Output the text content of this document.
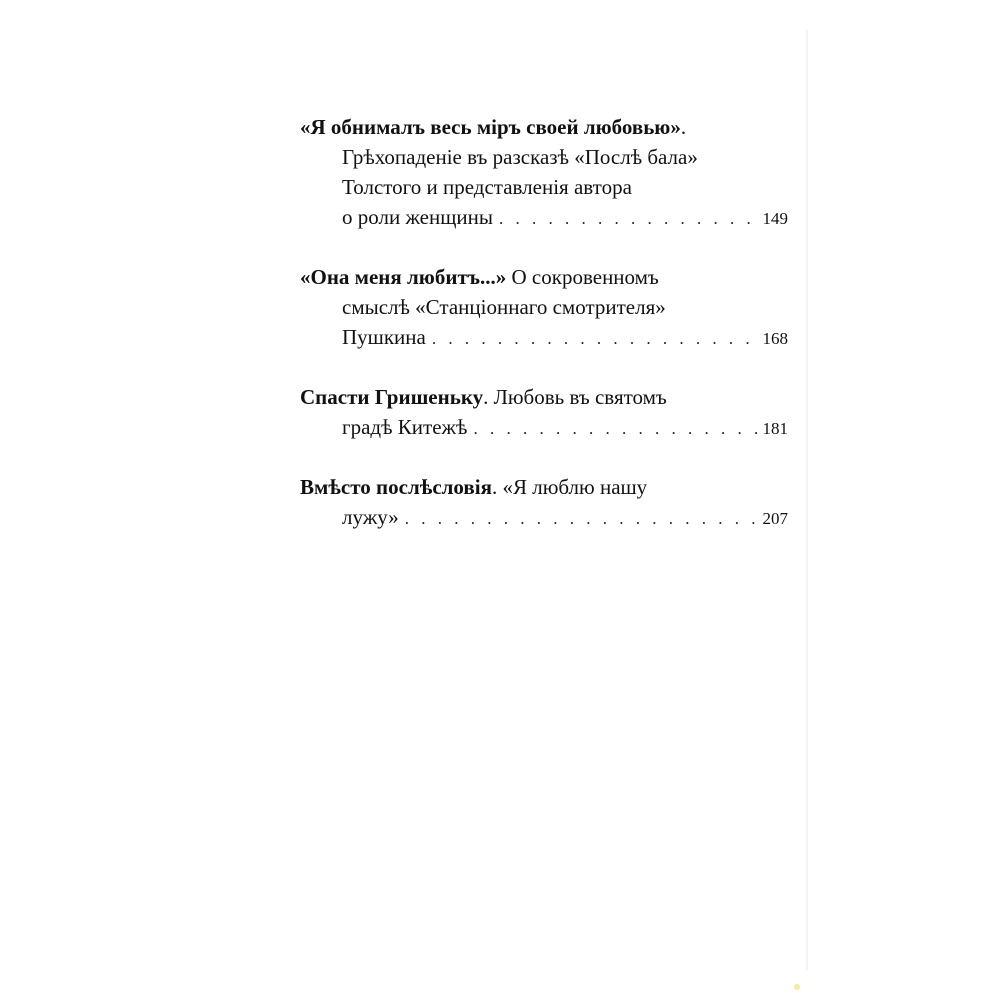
«Я обнималъ весь міръ своей любовью».
Грѣхопаденіе въ разсказѣ «Послѣ бала»
Толстого и представленія автора
о роли женщины . . .	149
«Она меня любитъ...» О сокровенномъ
смыслѣ «Станціоннаго смотрителя»
Пушкина . . .	168
Спасти Гришеньку. Любовь въ святомъ
градѣ Китежѣ . . .	181
Вмѣсто послѣсловія. «Я люблю нашу
лужу» . . .	207
